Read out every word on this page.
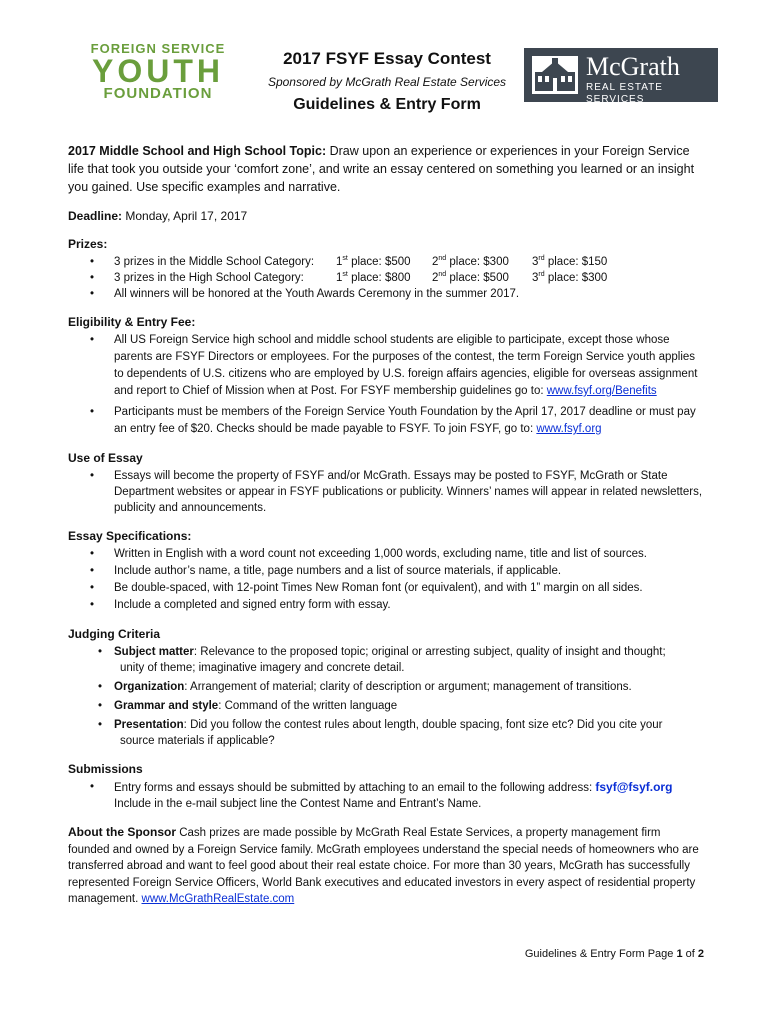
FOREIGN SERVICE
YOUTH
FOUNDATION
2017 FSYF Essay Contest
Sponsored by McGrath Real Estate Services
Guidelines & Entry Form
McGrath
REAL ESTATE SERVICES

2017 Middle School and High School Topic: Draw upon an experience or experiences in your Foreign Service life that took you outside your ‘comfort zone’, and write an essay centered on something you learned or an insight you gained. Use specific examples and narrative.

Deadline: Monday, April 17, 2017

Prizes:
• 3 prizes in the Middle School Category: 1st place: $500 2nd place: $300 3rd place: $150
• 3 prizes in the High School Category:	1st place: $800 2nd place: $500 3rd place: $300
• All winners will be honored at the Youth Awards Ceremony in the summer 2017.
Eligibility & Entry Fee:
• All US Foreign Service high school and middle school students are eligible to participate, except those whose parents are FSYF Directors or employees. For the purposes of the contest, the term Foreign Service youth applies to dependents of U.S. citizens who are employed by U.S. foreign affairs agencies, eligible for overseas assignment and report to Chief of Mission when at Post. For FSYF membership guidelines go to: www.fsyf.org/Benefits
• Participants must be members of the Foreign Service Youth Foundation by the April 17, 2017 deadline or must pay an entry fee of $20. Checks should be made payable to FSYF. To join FSYF, go to: www.fsyf.org
Use of Essay
• Essays will become the property of FSYF and/or McGrath. Essays may be posted to FSYF, McGrath or State Department websites or appear in FSYF publications or publicity. Winners’ names will appear in related newsletters, publicity and announcements.
Essay Specifications:
• Written in English with a word count not exceeding 1,000 words, excluding name, title and list of sources.
• Include author’s name, a title, page numbers and a list of source materials, if applicable.
• Be double-spaced, with 12-point Times New Roman font (or equivalent), and with 1” margin on all sides.
• Include a completed and signed entry form with essay.
Judging Criteria
• Subject matter: Relevance to the proposed topic; original or arresting subject, quality of insight and thought;
unity of theme; imaginative imagery and concrete detail.
• Organization: Arrangement of material; clarity of description or argument; management of transitions.
• Grammar and style: Command of the written language
• Presentation: Did you follow the contest rules about length, double spacing, font size etc? Did you cite your
source materials if applicable?
Submissions
• Entry forms and essays should be submitted by attaching to an email to the following address: fsyf@fsyf.org
Include in the e-mail subject line the Contest Name and Entrant’s Name.

About the Sponsor Cash prizes are made possible by McGrath Real Estate Services, a property management firm founded and owned by a Foreign Service family. McGrath employees understand the special needs of homeowners who are transferred abroad and want to feel good about their real estate choice. For more than 30 years, McGrath has successfully represented Foreign Service Officers, World Bank executives and educated investors in every aspect of residential property management. www.McGrathRealEstate.com

Guidelines & Entry Form Page 1 of 2
